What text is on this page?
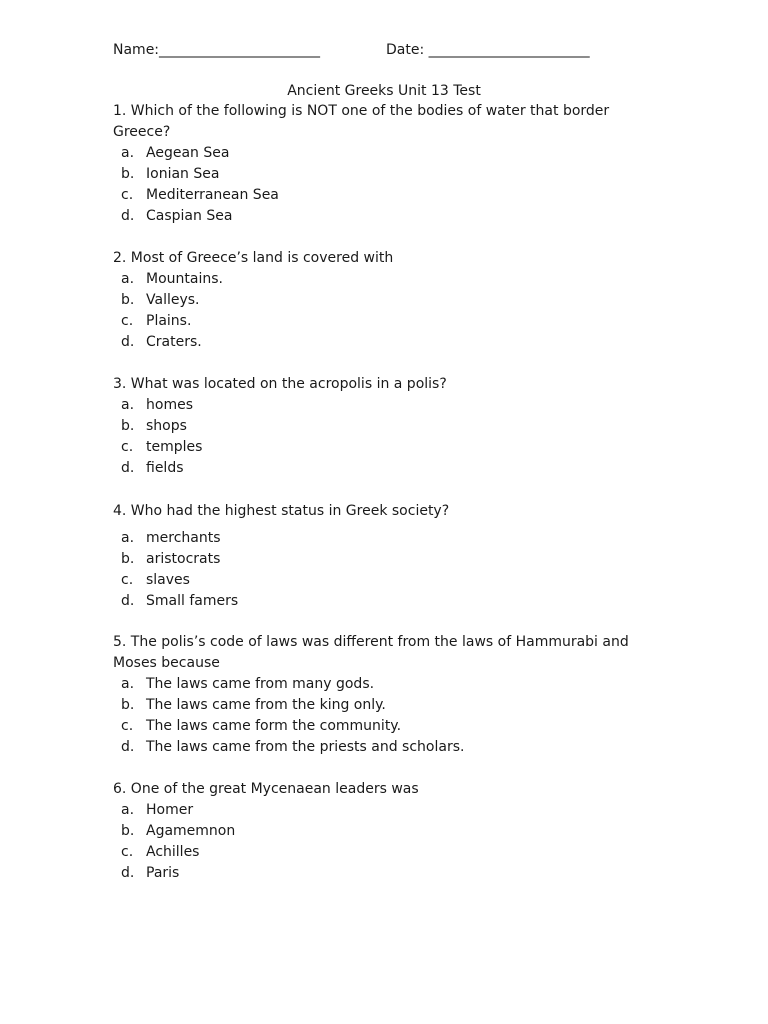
Name:_______________________	Date: _______________________
Ancient Greeks Unit 13 Test

1. Which of the following is NOT one of the bodies of water that border Greece?

a. Aegean Sea
b. Ionian Sea
c. Mediterranean Sea
d. Caspian Sea

2. Most of Greece’s land is covered with

a. Mountains.
b. Valleys.
c. Plains.
d. Craters.

3. What was located on the acropolis in a polis?

a. homes
b. shops
c. temples
d. fields

4. Who had the highest status in Greek society?

a. merchants
b. aristocrats
c. slaves
d. Small famers

5. The polis’s code of laws was different from the laws of Hammurabi and Moses because

a. The laws came from many gods.
b. The laws came from the king only.
c. The laws came form the community.
d. The laws came from the priests and scholars.

6. One of the great Mycenaean leaders was

a. Homer
b. Agamemnon
c. Achilles
d. Paris
